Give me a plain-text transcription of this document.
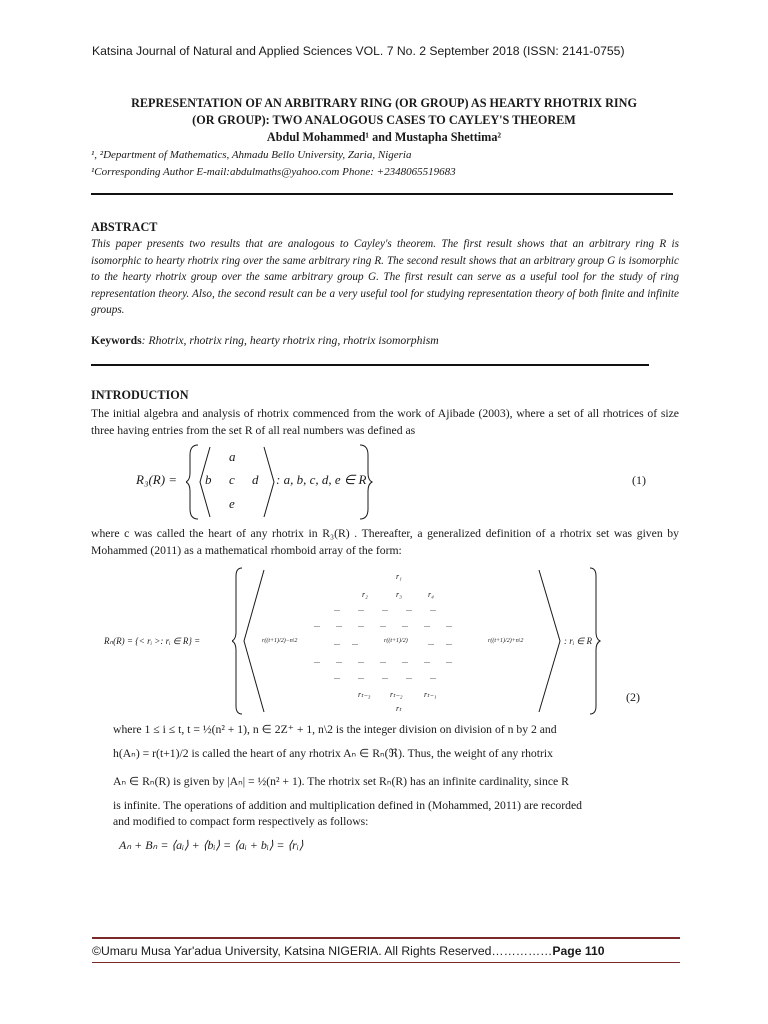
Katsina Journal of Natural and Applied Sciences VOL. 7 No. 2 September 2018 (ISSN: 2141-0755)
REPRESENTATION OF AN ARBITRARY RING (OR GROUP) AS HEARTY RHOTRIX RING
(OR GROUP): TWO ANALOGOUS CASES TO CAYLEY'S THEOREM
Abdul Mohammed¹ and Mustapha Shettima²
¹, ²Department of Mathematics, Ahmadu Bello University, Zaria, Nigeria
¹Corresponding Author E-mail:abdulmaths@yahoo.com Phone: +2348065519683
ABSTRACT
This paper presents two results that are analogous to Cayley's theorem. The first result shows that an arbitrary ring R is isomorphic to hearty rhotrix ring over the same arbitrary ring R. The second result shows that an arbitrary group G is isomorphic to the hearty rhotrix group over the same arbitrary group G. The first result can serve as a useful tool for the study of ring representation theory. Also, the second result can be a very useful tool for studying representation theory of both finite and infinite groups.
Keywords: Rhotrix, rhotrix ring, hearty rhotrix ring, rhotrix isomorphism
INTRODUCTION
The initial algebra and analysis of rhotrix commenced from the work of Ajibade (2003), where a set of all rhotrices of size three having entries from the set R of all real numbers was defined as
R₃(R) =
a
b c d
e
: a, b, c, d, e ∈ R	(1)
where c was called the heart of any rhotrix in R₃(R) . Thereafter, a generalized definition of a rhotrix set was given by Mohammed (2011) as a mathematical rhomboid array of the form:
Rₙ(R) = {< rᵢ >: rᵢ ∈ R} =
r₁
r₂	r₃	r₄
... ... ... ... ...
... ... ... ... ... ... ...
r((t+1)/2)−n\2	... ...	r((t+1)/2)	... ...	r((t+1)/2)+n\2
... ... ... ... ... ... ...
... ... ... ... ...
rₜ₋₃ rₜ₋₂	rₜ₋₁
rₜ
: rᵢ ∈ R
(2)
where 1 ≤ i ≤ t, t = ½(n² + 1), n ∈ 2Z⁺ + 1, n\2 is the integer division on division of n by 2 and
h(Aₙ) = r(t+1)/2 is called the heart of any rhotrix Aₙ ∈ Rₙ(ℜ). Thus, the weight of any rhotrix
Aₙ ∈ Rₙ(R) is given by |Aₙ| = ½(n² + 1). The rhotrix set Rₙ(R) has an infinite cardinality, since R
is infinite. The operations of addition and multiplication defined in (Mohammed, 2011) are recorded
and modified to compact form respectively as follows:
Aₙ + Bₙ = ⟨aᵢ⟩ + ⟨bᵢ⟩ = ⟨aᵢ + bᵢ⟩ = ⟨rᵢ⟩
©Umaru Musa Yar'adua University, Katsina NIGERIA. All Rights Reserved……………Page 110
